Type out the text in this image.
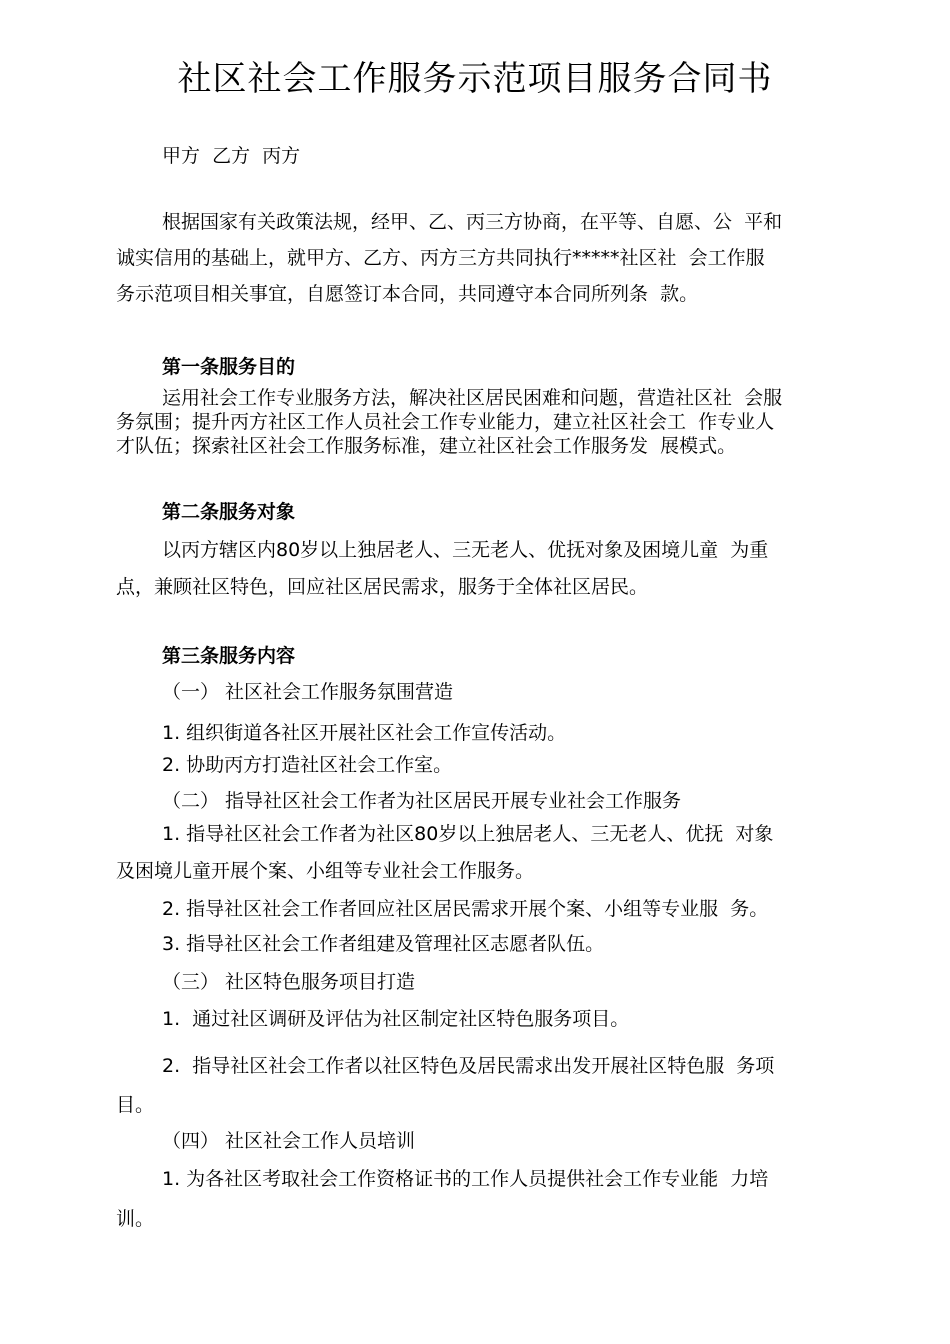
社区社会工作服务示范项目服务合同书
甲方  乙方  丙方
根据国家有关政策法规，经甲、乙、丙三方协商，在平等、自愿、公  平和
诚实信用的基础上，就甲方、乙方、丙方三方共同执行*****社区社  会工作服
务示范项目相关事宜，自愿签订本合同，共同遵守本合同所列条  款。
第一条服务目的
运用社会工作专业服务方法，解决社区居民困难和问题，营造社区社  会服
务氛围；提升丙方社区工作人员社会工作专业能力，建立社区社会工  作专业人
才队伍；探索社区社会工作服务标准，建立社区社会工作服务发  展模式。
第二条服务对象
以丙方辖区内80岁以上独居老人、三无老人、优抚对象及困境儿童  为重
点，兼顾社区特色，回应社区居民需求，服务于全体社区居民。
第三条服务内容
（一） 社区社会工作服务氛围营造
1. 组织街道各社区开展社区社会工作宣传活动。
2. 协助丙方打造社区社会工作室。
（二） 指导社区社会工作者为社区居民开展专业社会工作服务
1. 指导社区社会工作者为社区80岁以上独居老人、三无老人、优抚  对象
及困境儿童开展个案、小组等专业社会工作服务。
2. 指导社区社会工作者回应社区居民需求开展个案、小组等专业服  务。
3. 指导社区社会工作者组建及管理社区志愿者队伍。
（三） 社区特色服务项目打造
1.  通过社区调研及评估为社区制定社区特色服务项目。
2.  指导社区社会工作者以社区特色及居民需求出发开展社区特色服  务项
目。
（四） 社区社会工作人员培训
1. 为各社区考取社会工作资格证书的工作人员提供社会工作专业能  力培
训。
